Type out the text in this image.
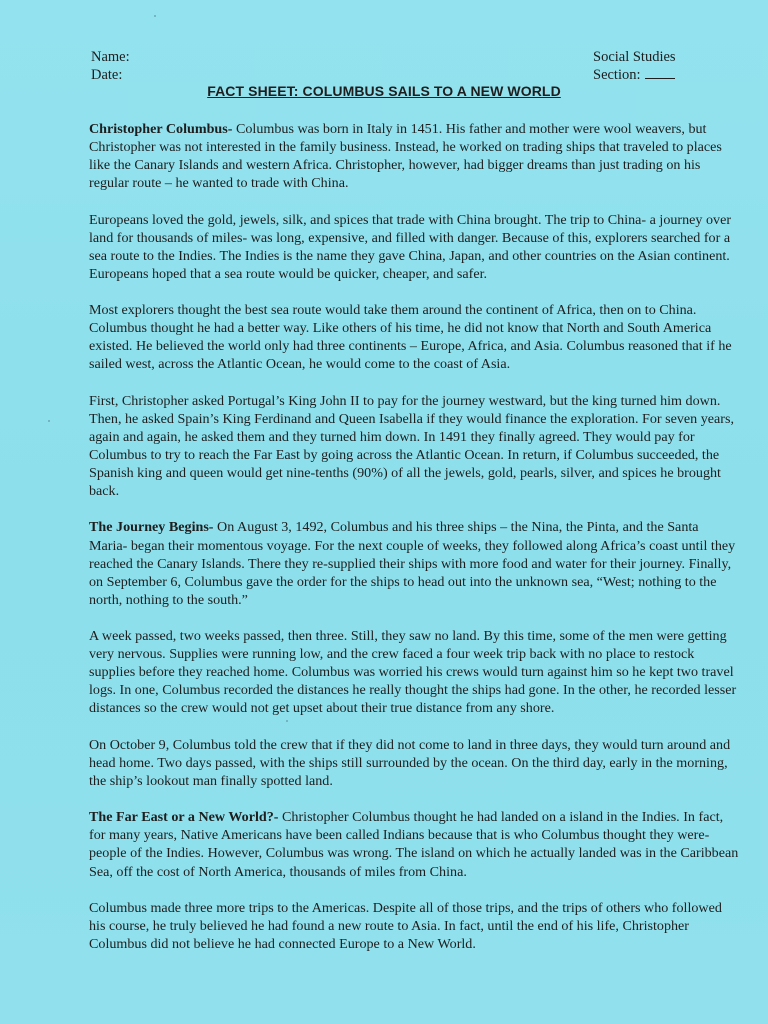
Name:	Social Studies
Date:	Section:
FACT SHEET: COLUMBUS SAILS TO A NEW WORLD

Christopher Columbus- Columbus was born in Italy in 1451. His father and mother were wool weavers, but Christopher was not interested in the family business. Instead, he worked on trading ships that traveled to places like the Canary Islands and western Africa. Christopher, however, had bigger dreams than just trading on his regular route – he wanted to trade with China.

Europeans loved the gold, jewels, silk, and spices that trade with China brought. The trip to China- a journey over land for thousands of miles- was long, expensive, and filled with danger. Because of this, explorers searched for a sea route to the Indies. The Indies is the name they gave China, Japan, and other countries on the Asian continent. Europeans hoped that a sea route would be quicker, cheaper, and safer.

Most explorers thought the best sea route would take them around the continent of Africa, then on to China. Columbus thought he had a better way. Like others of his time, he did not know that North and South America existed. He believed the world only had three continents – Europe, Africa, and Asia. Columbus reasoned that if he sailed west, across the Atlantic Ocean, he would come to the coast of Asia.

First, Christopher asked Portugal’s King John II to pay for the journey westward, but the king turned him down. Then, he asked Spain’s King Ferdinand and Queen Isabella if they would finance the exploration. For seven years, again and again, he asked them and they turned him down. In 1491 they finally agreed. They would pay for Columbus to try to reach the Far East by going across the Atlantic Ocean. In return, if Columbus succeeded, the Spanish king and queen would get nine-tenths (90%) of all the jewels, gold, pearls, silver, and spices he brought back.

The Journey Begins- On August 3, 1492, Columbus and his three ships – the Nina, the Pinta, and the Santa Maria- began their momentous voyage. For the next couple of weeks, they followed along Africa’s coast until they reached the Canary Islands. There they re-supplied their ships with more food and water for their journey. Finally, on September 6, Columbus gave the order for the ships to head out into the unknown sea, “West; nothing to the north, nothing to the south.”

A week passed, two weeks passed, then three. Still, they saw no land. By this time, some of the men were getting very nervous. Supplies were running low, and the crew faced a four week trip back with no place to restock supplies before they reached home. Columbus was worried his crews would turn against him so he kept two travel logs. In one, Columbus recorded the distances he really thought the ships had gone. In the other, he recorded lesser distances so the crew would not get upset about their true distance from any shore.

On October 9, Columbus told the crew that if they did not come to land in three days, they would turn around and head home. Two days passed, with the ships still surrounded by the ocean. On the third day, early in the morning, the ship’s lookout man finally spotted land.

The Far East or a New World?- Christopher Columbus thought he had landed on a island in the Indies. In fact, for many years, Native Americans have been called Indians because that is who Columbus thought they were- people of the Indies. However, Columbus was wrong. The island on which he actually landed was in the Caribbean Sea, off the cost of North America, thousands of miles from China.

Columbus made three more trips to the Americas. Despite all of those trips, and the trips of others who followed his course, he truly believed he had found a new route to Asia. In fact, until the end of his life, Christopher Columbus did not believe he had connected Europe to a New World.
